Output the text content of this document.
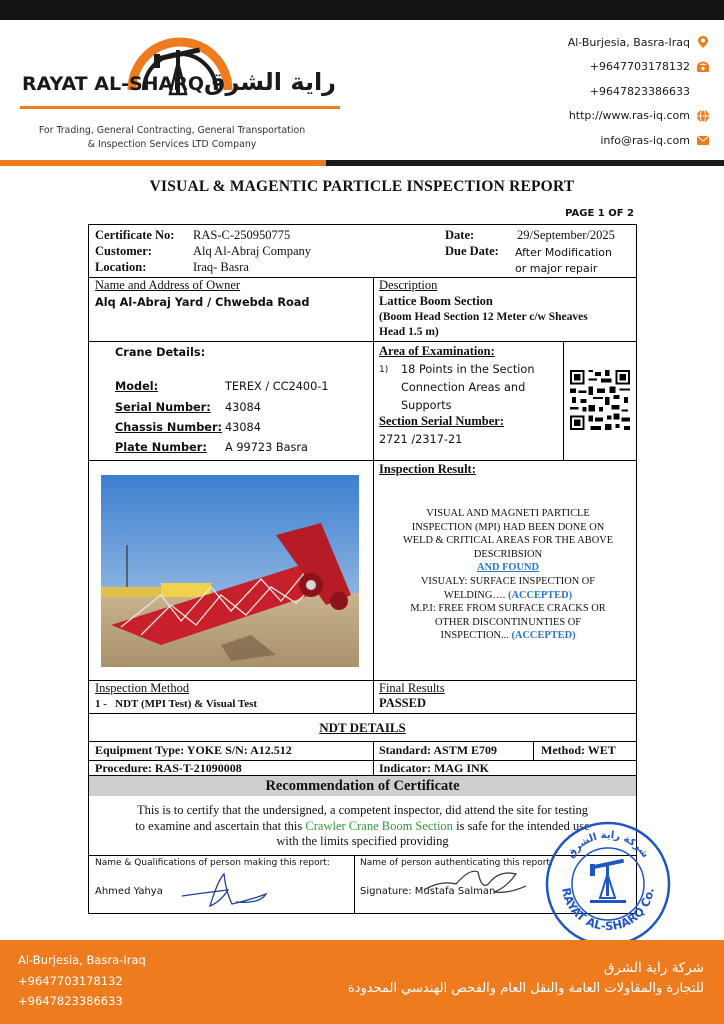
RAYAT AL-SHARQ راية الشرق
For Trading, General Contracting, General Transportation
& Inspection Services LTD Company
Al-Burjesia, Basra-Iraq
+9647703178132
+9647823386633
http://www.ras-iq.com
info@ras-iq.com
VISUAL & MAGENTIC PARTICLE INSPECTION REPORT
PAGE 1 OF 2
Certificate No:	RAS-C-250950775
Customer:	Alq Al-Abraj Company
Location:	Iraq- Basra
Date:	29/September/2025
Due Date: After Modification
or major repair
Name and Address of Owner
Alq Al-Abraj Yard / Chwebda Road
Description
Lattice Boom Section
(Boom Head Section 12 Meter c/w Sheaves
Head 1.5 m)
Crane Details:
Model:	TEREX / CC2400-1
Serial Number: 43084
Chassis Number: 43084
Plate Number: A 99723 Basra
Area of Examination:
1) 18 Points in the Section
Connection Areas and
Supports
Section Serial Number:
2721 /2317-21
Inspection Result:
VISUAL AND MAGNETI PARTICLE
INSPECTION (MPI) HAD BEEN DONE ON
WELD & CRITICAL AREAS FOR THE ABOVE
DESCRIBSION
AND FOUND
VISUALY: SURFACE INSPECTION OF
WELDING…. (ACCEPTED)
M.P.I: FREE FROM SURFACE CRACKS OR
OTHER DISCONTINUNTIES OF
INSPECTION... (ACCEPTED)
Inspection Method
1 - NDT (MPI Test) & Visual Test
Final Results
PASSED
NDT DETAILS
Equipment Type: YOKE S/N: A12.512	Standard: ASTM E709	Method: WET
Procedure: RAS-T-21090008	Indicator: MAG INK
Recommendation of Certificate
This is to certify that the undersigned, a competent inspector, did attend the site for testing
to examine and ascertain that this Crawler Crane Boom Section is safe for the intended use
with the limits specified providing
Name & Qualifications of person making this report:
Ahmed Yahya
Name of person authenticating this report:
Signature: Mustafa Salman	RAYAT AL-SHARQ Co.
شركة راية الشرق
Al-Burjesia, Basra-Iraq
+9647703178132
+9647823386633
شركة راية الشرق
للتجارة والمقاولات العامة والنقل العام والفحص الهندسي المحدودة
